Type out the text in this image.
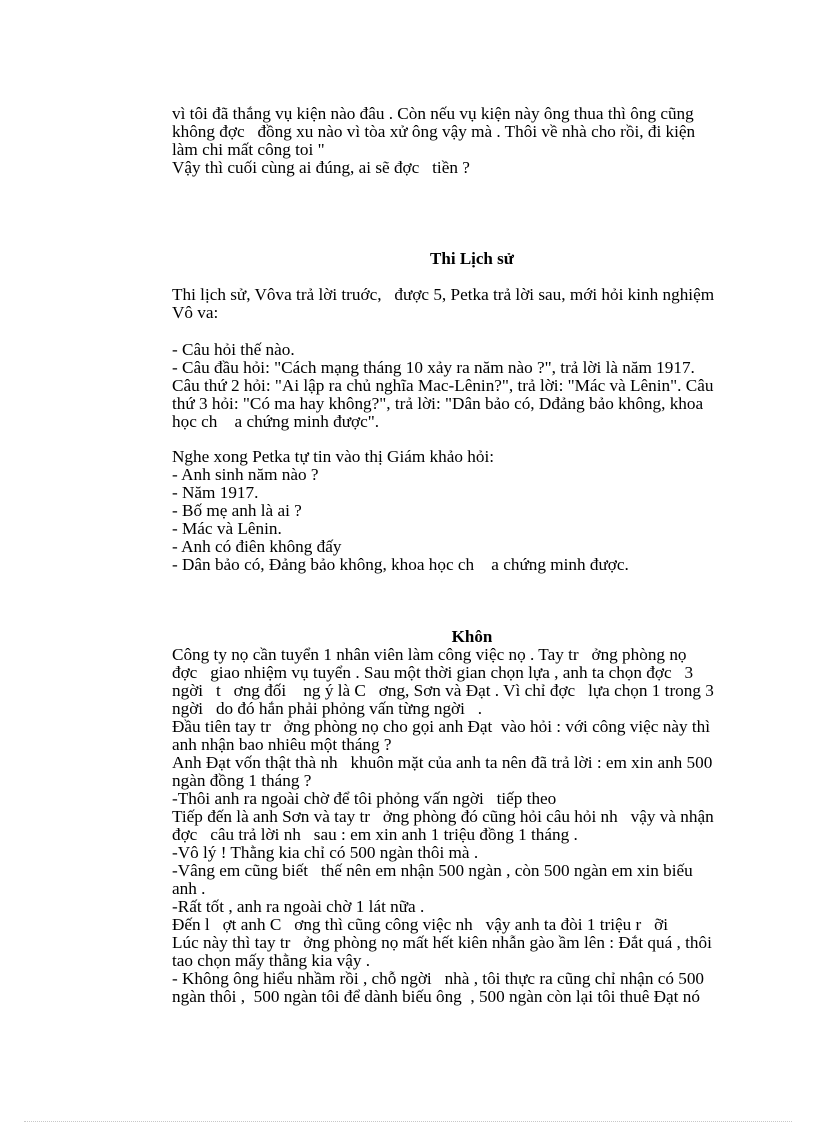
vì tôi đã thắng vụ kiện nào đâu . Còn nếu vụ kiện này ông thua thì ông cũng
không đợc   đồng xu nào vì tòa xử ông vậy mà . Thôi về nhà cho rồi, đi kiện
làm chi mất công toi "
Vậy thì cuối cùng ai đúng, ai sẽ đợc   tiền ?
Thi Lịch sử
Thi lịch sử, Vôva trả lời truớc,   được 5, Petka trả lời sau, mới hỏi kinh nghiệm
Vô va:
- Câu hỏi thế nào.
- Câu đầu hỏi: "Cách mạng tháng 10 xảy ra năm nào ?", trả lời là năm 1917.
Câu thứ 2 hỏi: "Ai lập ra chủ nghĩa Mac-Lênin?", trả lời: "Mác và Lênin". Câu
thứ 3 hỏi: "Có ma hay không?", trả lời: "Dân bảo có, Dđảng bảo không, khoa
học ch    a chứng minh được".
Nghe xong Petka tự tin vào thị Giám khảo hỏi:
- Anh sinh năm nào ?
- Năm 1917.
- Bố mẹ anh là ai ?
- Mác và Lênin.
- Anh có điên không đấy
- Dân bảo có, Đảng bảo không, khoa học ch    a chứng minh được.
Khôn
Công ty nọ cần tuyển 1 nhân viên làm công việc nọ . Tay tr   ởng phòng nọ
đợc   giao nhiệm vụ tuyển . Sau một thời gian chọn lựa , anh ta chọn đợc   3
ngời   t   ơng đối    ng ý là C   ơng, Sơn và Đạt . Vì chỉ đợc   lựa chọn 1 trong 3
ngời   do đó hắn phải phỏng vấn từng ngời   .
Đầu tiên tay tr   ởng phòng nọ cho gọi anh Đạt  vào hỏi : với công việc này thì
anh nhận bao nhiêu một tháng ?
Anh Đạt vốn thật thà nh   khuôn mặt của anh ta nên đã trả lời : em xin anh 500
ngàn đồng 1 tháng ?
-Thôi anh ra ngoài chờ để tôi phỏng vấn ngời   tiếp theo
Tiếp đến là anh Sơn và tay tr   ởng phòng đó cũng hỏi câu hỏi nh   vậy và nhận
đợc   câu trả lời nh   sau : em xin anh 1 triệu đồng 1 tháng .
-Vô lý ! Thằng kia chỉ có 500 ngàn thôi mà .
-Vâng em cũng biết   thế nên em nhận 500 ngàn , còn 500 ngàn em xin biếu
anh .
-Rất tốt , anh ra ngoài chờ 1 lát nữa .
Đến l   ợt anh C   ơng thì cũng công việc nh   vậy anh ta đòi 1 triệu r   ỡi
Lúc này thì tay tr   ởng phòng nọ mất hết kiên nhẫn gào ầm lên : Đắt quá , thôi
tao chọn mấy thằng kia vậy .
- Không ông hiểu nhầm rồi , chỗ ngời   nhà , tôi thực ra cũng chỉ nhận có 500
ngàn thôi ,  500 ngàn tôi để dành biếu ông  , 500 ngàn còn lại tôi thuê Đạt nó
